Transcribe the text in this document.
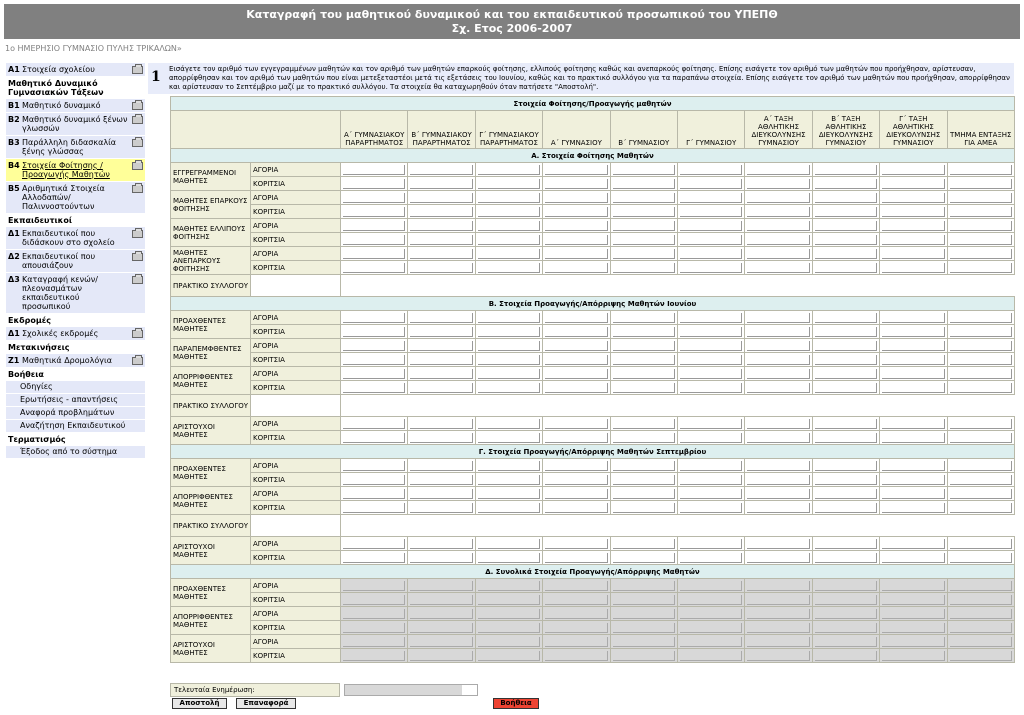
Καταγραφή του μαθητικού δυναμικού και του εκπαιδευτικού προσωπικού του ΥΠΕΠΘ
Σχ. Ετος 2006-2007
1ο ΗΜΕΡΗΣΙΟ ΓΥΜΝΑΣΙΟ ΠΥΛΗΣ ΤΡΙΚΑΛΩΝ»
Α1 Στοιχεία σχολείου
Μαθητικό Δυναμικό Γυμνασιακών Τάξεων
Β1 Μαθητικό δυναμικό
Β2 Μαθητικό δυναμικό ξένων γλωσσών
Β3 Παράλληλη διδασκαλία ξένης γλώσσας
Β4 Στοιχεία Φοίτησης / Προαγωγής Μαθητών
Β5 Αριθμητικά Στοιχεία Αλλοδαπών/ Παλιννοστούντων
Εκπαιδευτικοί
Δ1 Εκπαιδευτικοί που διδάσκουν στο σχολείο
Δ2 Εκπαιδευτικοί που απουσιάζουν
Δ3 Καταγραφή κενών/πλεονασμάτων εκπαιδευτικού προσωπικού
Εκδρομές
Δ1 Σχολικές εκδρομές
Μετακινήσεις
Ζ1 Μαθητικά Δρομολόγια
Βοήθεια
Οδηγίες
Ερωτήσεις - απαντήσεις
Αναφορά προβλημάτων
Αναζήτηση Εκπαιδευτικού
Τερματισμός
Έξοδος από το σύστημα
1	Εισάγετε τον αριθμό των εγγεγραμμένων μαθητών και τον αριθμό των μαθητών επαρκούς φοίτησης, ελλιπούς φοίτησης καθώς και ανεπαρκούς φοίτησης. Επίσης εισάγετε τον αριθμό των μαθητών που προήχθησαν, αρίστευσαν, απορρίφθησαν και τον αριθμό των μαθητών που είναι μετεξεταστέοι μετά τις εξετάσεις του Ιουνίου, καθώς και το πρακτικό συλλόγου για τα παραπάνω στοιχεία. Επίσης εισάγετε τον αριθμό των μαθητών που προήχθησαν, απορρίφθησαν και αρίστευσαν το Σεπτέμβριο μαζί με το πρακτικό συλλόγου. Τα στοιχεία θα καταχωρηθούν όταν πατήσετε "Αποστολή".
Στοιχεία Φοίτησης/Προαγωγής μαθητών											
		Α΄ ΓΥΜΝΑΣΙΑΚΟΥ ΠΑΡΑΡΤΗΜΑΤΟΣ	Β΄ ΓΥΜΝΑΣΙΑΚΟΥ ΠΑΡΑΡΤΗΜΑΤΟΣ	Γ΄ ΓΥΜΝΑΣΙΑΚΟΥ ΠΑΡΑΡΤΗΜΑΤΟΣ	Α΄ ΓΥΜΝΑΣΙΟΥ	Β΄ ΓΥΜΝΑΣΙΟΥ	Γ΄ ΓΥΜΝΑΣΙΟΥ	Α΄ ΤΑΞΗ ΑΘΛΗΤΙΚΗΣ ΔΙΕΥΚΟΛΥΝΣΗΣ ΓΥΜΝΑΣΙΟΥ	Β΄ ΤΑΞΗ ΑΘΛΗΤΙΚΗΣ ΔΙΕΥΚΟΛΥΝΣΗΣ ΓΥΜΝΑΣΙΟΥ	Γ΄ ΤΑΞΗ ΑΘΛΗΤΙΚΗΣ ΔΙΕΥΚΟΛΥΝΣΗΣ ΓΥΜΝΑΣΙΟΥ	ΤΜΗΜΑ ΕΝΤΑΞΗΣ ΓΙΑ ΑΜΕΑ
Α. Στοιχεία Φοίτησης Μαθητών											
ΕΓΓΡΕΓΡΑΜΜΕΝΟΙ ΜΑΘΗΤΕΣ	ΑΓΟΡΙΑ	

	ΚΟΡΙΤΣΙΑ	

ΜΑΘΗΤΕΣ ΕΠΑΡΚΟΥΣ ΦΟΙΤΗΣΗΣ	ΑΓΟΡΙΑ	

	ΚΟΡΙΤΣΙΑ	

ΜΑΘΗΤΕΣ ΕΛΛΙΠΟΥΣ ΦΟΙΤΗΣΗΣ	ΑΓΟΡΙΑ	

	ΚΟΡΙΤΣΙΑ	

ΜΑΘΗΤΕΣ ΑΝΕΠΑΡΚΟΥΣ ΦΟΙΤΗΣΗΣ	ΑΓΟΡΙΑ	

	ΚΟΡΙΤΣΙΑ	

ΠΡΑΚΤΙΚΟ ΣΥΛΛΟΓΟΥ											
Β. Στοιχεία Προαγωγής/Απόρριψης Μαθητών Ιουνίου											
ΠΡΟΑΧΘΕΝΤΕΣ ΜΑΘΗΤΕΣ	ΑΓΟΡΙΑ	

	ΚΟΡΙΤΣΙΑ	

ΠΑΡΑΠΕΜΦΘΕΝΤΕΣ ΜΑΘΗΤΕΣ	ΑΓΟΡΙΑ	

	ΚΟΡΙΤΣΙΑ	

ΑΠΟΡΡΙΦΘΕΝΤΕΣ ΜΑΘΗΤΕΣ	ΑΓΟΡΙΑ	

	ΚΟΡΙΤΣΙΑ	

ΠΡΑΚΤΙΚΟ ΣΥΛΛΟΓΟΥ											
ΑΡΙΣΤΟΥΧΟΙ ΜΑΘΗΤΕΣ	ΑΓΟΡΙΑ	

	ΚΟΡΙΤΣΙΑ	

Γ. Στοιχεία Προαγωγής/Απόρριψης Μαθητών Σεπτεμβρίου											
ΠΡΟΑΧΘΕΝΤΕΣ ΜΑΘΗΤΕΣ	ΑΓΟΡΙΑ	

	ΚΟΡΙΤΣΙΑ	

ΑΠΟΡΡΙΦΘΕΝΤΕΣ ΜΑΘΗΤΕΣ	ΑΓΟΡΙΑ	

	ΚΟΡΙΤΣΙΑ	

ΠΡΑΚΤΙΚΟ ΣΥΛΛΟΓΟΥ											
ΑΡΙΣΤΟΥΧΟΙ ΜΑΘΗΤΕΣ	ΑΓΟΡΙΑ	

	ΚΟΡΙΤΣΙΑ	

Δ. Συνολικά Στοιχεία Προαγωγής/Απόρριψης Μαθητών											
ΠΡΟΑΧΘΕΝΤΕΣ ΜΑΘΗΤΕΣ	ΑΓΟΡΙΑ	

	ΚΟΡΙΤΣΙΑ	

ΑΠΟΡΡΙΦΘΕΝΤΕΣ ΜΑΘΗΤΕΣ	ΑΓΟΡΙΑ	

	ΚΟΡΙΤΣΙΑ	

ΑΡΙΣΤΟΥΧΟΙ ΜΑΘΗΤΕΣ	ΑΓΟΡΙΑ	

	ΚΟΡΙΤΣΙΑ	

Τελευταία Ενημέρωση:
Αποστολή	Επαναφορά	Βοήθεια
